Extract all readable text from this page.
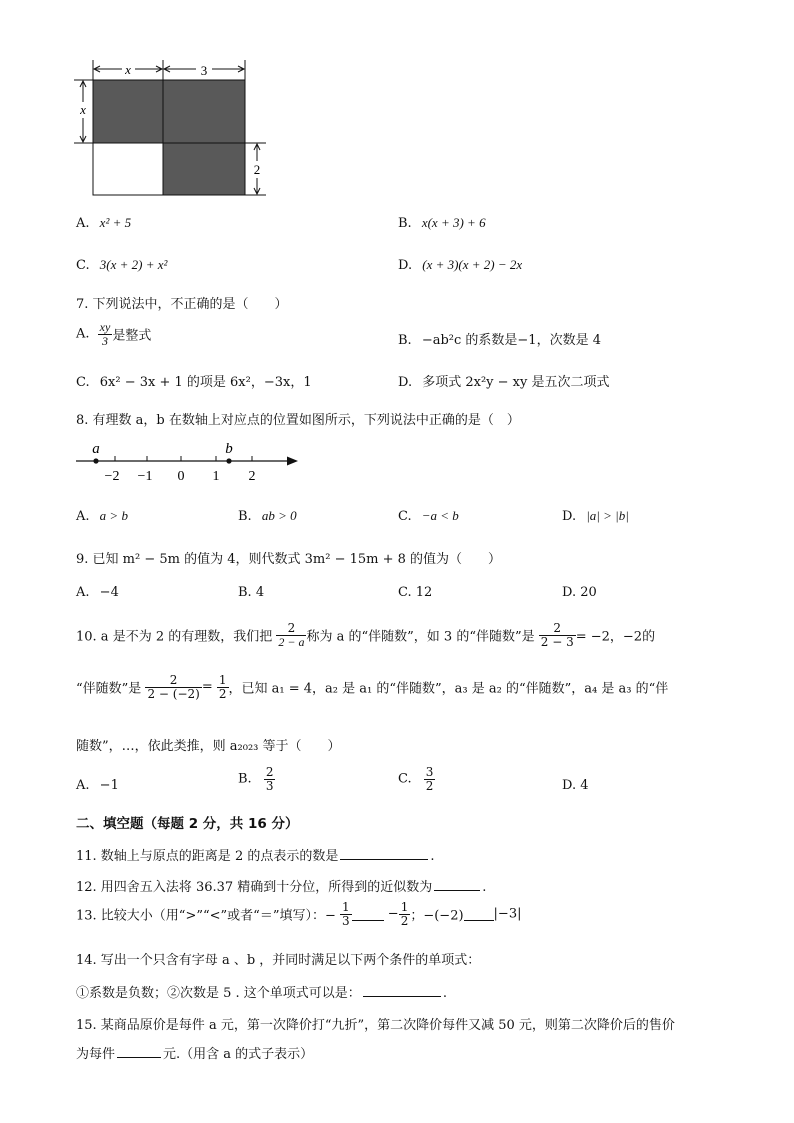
x	3
x
2
A. x² + 5	B. x(x + 3) + 6
C. 3(x + 2) + x²	D. (x + 3)(x + 2) − 2x
7. 下列说法中，不正确的是（　　）
A. $\frac{xy}{3}$ 是整式	B. −ab²c 的系数是−1，次数是 4
C. 6x² − 3x + 1 的项是 6x²，−3x，1	D. 多项式 2x²y − xy 是五次二项式
8. 有理数 a，b 在数轴上对应点的位置如图所示，下列说法中正确的是（　）
a	b
−2 −1 0 1 2
A. a > b	B. ab > 0	C. −a < b	D. |a| > |b|
9. 已知 m² − 5m 的值为 4，则代数式 3m² − 15m + 8 的值为（　　）
A. −4	B. 4	C. 12	D. 20
10. a 是不为 2 的有理数，我们把 $\frac{2}{2 - a}$ 称为 a 的“伴随数”，如 3 的“伴随数”是 $\frac{2}{2 - 3} = -2$，−2的
“伴随数”是 $\frac{2}{2 - (-2)} = \frac{1}{2}$ ，已知 a₁ = 4，a₂ 是 a₁ 的“伴随数”，a₃ 是 a₂ 的“伴随数”，a₄ 是 a₃ 的“伴
随数”，…，依此类推，则 a₂₀₂₃ 等于（　　）
A. −1	B. $\frac{2}{3}$	C. $\frac{3}{2}$	D. 4
二、填空题（每题 2 分，共 16 分）
11. 数轴上与原点的距离是 2 的点表示的数是	.
12. 用四舍五入法将 36.37 精确到十分位，所得到的近似数为	.
13. 比较大小（用“>”“<”或者“＝”填写）：− $\frac{1}{3}$	− $\frac{1}{2}$ ；−(−2) |−3|
14. 写出一个只含有字母 a 、b ，并同时满足以下两个条件的单项式：
①系数是负数；②次数是 5 . 这个单项式可以是：	.
15. 某商品原价是每件 a 元，第一次降价打“九折”，第二次降价每件又减 50 元，则第二次降价后的售价
为每件	元.（用含 a 的式子表示）
